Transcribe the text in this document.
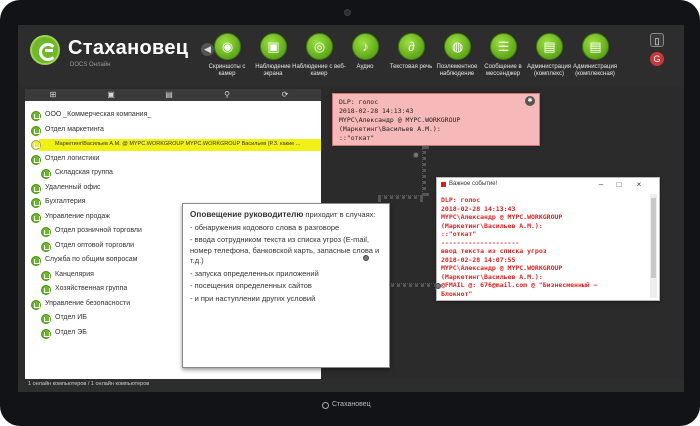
Стахановец
DOCS Онлайн
◀ ◉
Скриншоты с камер
▣
Наблюдение экрана
◎
Наблюдение с веб-камер
♪
Аудио
∂
Текстовая речь
◍
Поэлементное наблюдение
☰
Сообщение в мессенджер
▤
Администрация (комплекс)
▤
Администрация (комплексная)
▯
G
⊞	▣	▤	⚲	⟳
ООО _Коммерческая компания_
Отдел маркетинга
Маркетинг\Васильев А.М. @ MYPC.WORKGROUP MYPC.WORKGROUP Васильев (Р.З. какие ...
Отдел логистики
Складская группа
Удаленный офис
Бухгалтерия
Управление продаж
Отдел розничной торговли
Отдел оптовой торговли
Служба по общим вопросам
Канцелярия
Хозяйственная группа
Управление безопасности
Отдел ИБ
Отдел ЭБ
✱
DLP: голос
2018-02-28 14:13:43
MYPC\Александр @ MYPC.WORKGROUP
(Маркетинг\Васильев А.М.):
::"откат"
Важное событие!	–	□	×
DLP: голос
2018-02-28 14:13:43
MYPC\Александр @ MYPC.WORKGROUP
(Маркетинг\Васильев А.М.):
::"откат"
--------------------
ввод текста из списка угроз
2018-02-28 14:07:55
MYPC\Александр @ MYPC.WORKGROUP
(Маркетинг\Васильев А.М.):
@FMAIL @: 676@mail.com @ "Бизнесменный —
Блокнот"
Оповещение руководителю приходит в случаях:
- обнаружения кодового слова в разговоре
- ввода сотрудником текста из списка угроз (E-mail, номер телефона, банковской карть, запасные слова и т.д.)
- запуска определенных приложений
- посещения определенных сайтов
- и при наступлении других условий
1 онлайн компьютеров / 1 онлайн компьютеров
Стахановец
